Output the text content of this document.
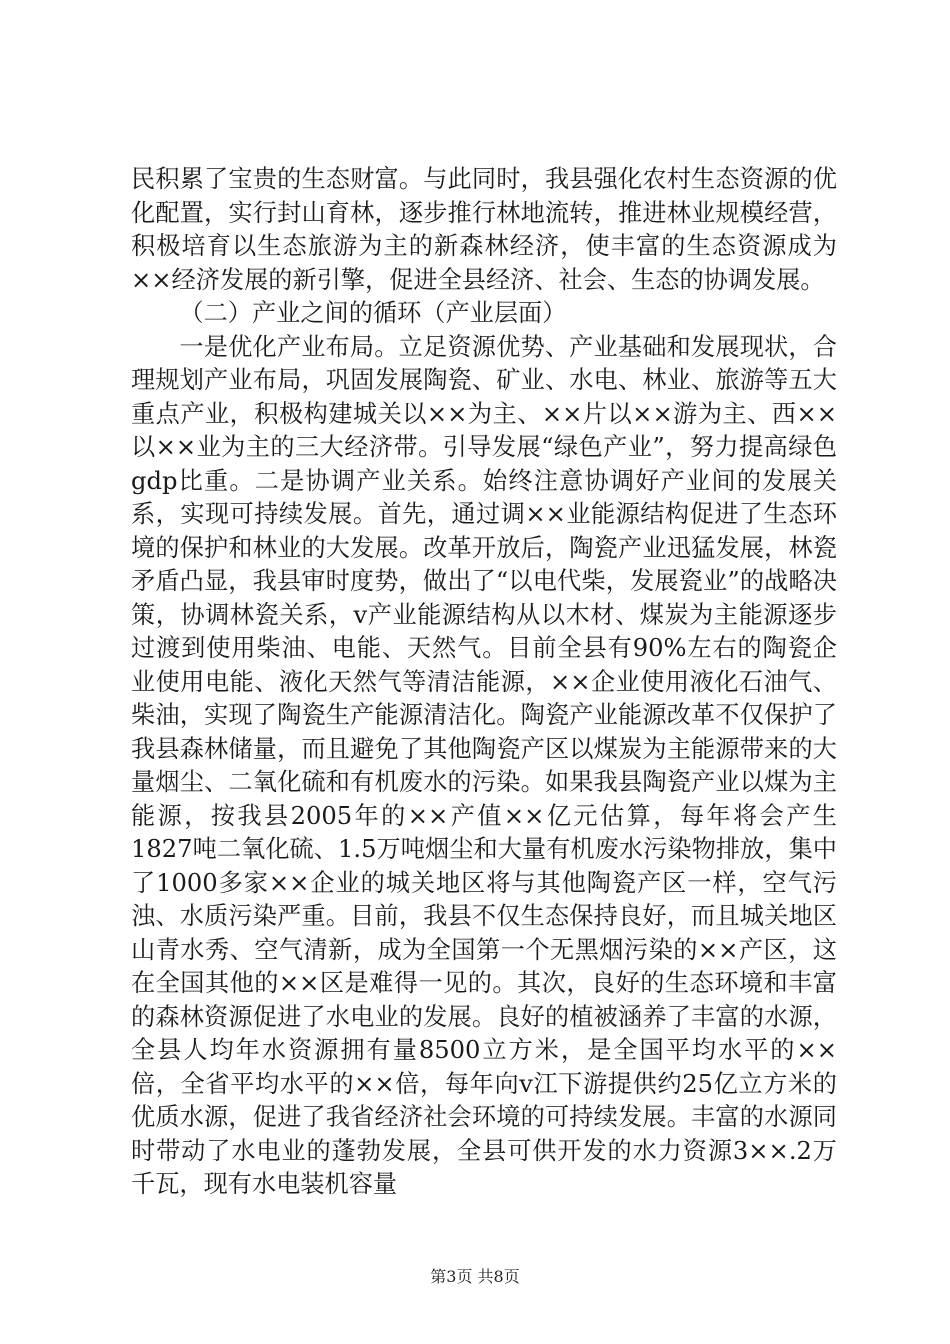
民积累了宝贵的生态财富。与此同时，我县强化农村生态资源的优化配置，实行封山育林，逐步推行林地流转，推进林业规模经营，积极培育以生态旅游为主的新森林经济，使丰富的生态资源成为××经济发展的新引擎，促进全县经济、社会、生态的协调发展。

（二）产业之间的循环（产业层面）

一是优化产业布局。立足资源优势、产业基础和发展现状，合理规划产业布局，巩固发展陶瓷、矿业、水电、林业、旅游等五大重点产业，积极构建城关以××为主、××片以××游为主、西××以××业为主的三大经济带。引导发展“绿色产业”，努力提高绿色gdp比重。二是协调产业关系。始终注意协调好产业间的发展关系，实现可持续发展。首先，通过调××业能源结构促进了生态环境的保护和林业的大发展。改革开放后，陶瓷产业迅猛发展，林瓷矛盾凸显，我县审时度势，做出了“以电代柴，发展瓷业”的战略决策，协调林瓷关系，v产业能源结构从以木材、煤炭为主能源逐步过渡到使用柴油、电能、天然气。目前全县有90%左右的陶瓷企业使用电能、液化天然气等清洁能源，××企业使用液化石油气、柴油，实现了陶瓷生产能源清洁化。陶瓷产业能源改革不仅保护了我县森林储量，而且避免了其他陶瓷产区以煤炭为主能源带来的大量烟尘、二氧化硫和有机废水的污染。如果我县陶瓷产业以煤为主能源，按我县2005年的××产值××亿元估算，每年将会产生1827吨二氧化硫、1.5万吨烟尘和大量有机废水污染物排放，集中了1000多家××企业的城关地区将与其他陶瓷产区一样，空气污浊、水质污染严重。目前，我县不仅生态保持良好，而且城关地区山青水秀、空气清新，成为全国第一个无黑烟污染的××产区，这在全国其他的××区是难得一见的。其次，良好的生态环境和丰富的森林资源促进了水电业的发展。良好的植被涵养了丰富的水源，全县人均年水资源拥有量8500立方米，是全国平均水平的××倍，全省平均水平的××倍，每年向v江下游提供约25亿立方米的优质水源，促进了我省经济社会环境的可持续发展。丰富的水源同时带动了水电业的蓬勃发展，全县可供开发的水力资源3××.2万千瓦，现有水电装机容量

第3页 共8页
